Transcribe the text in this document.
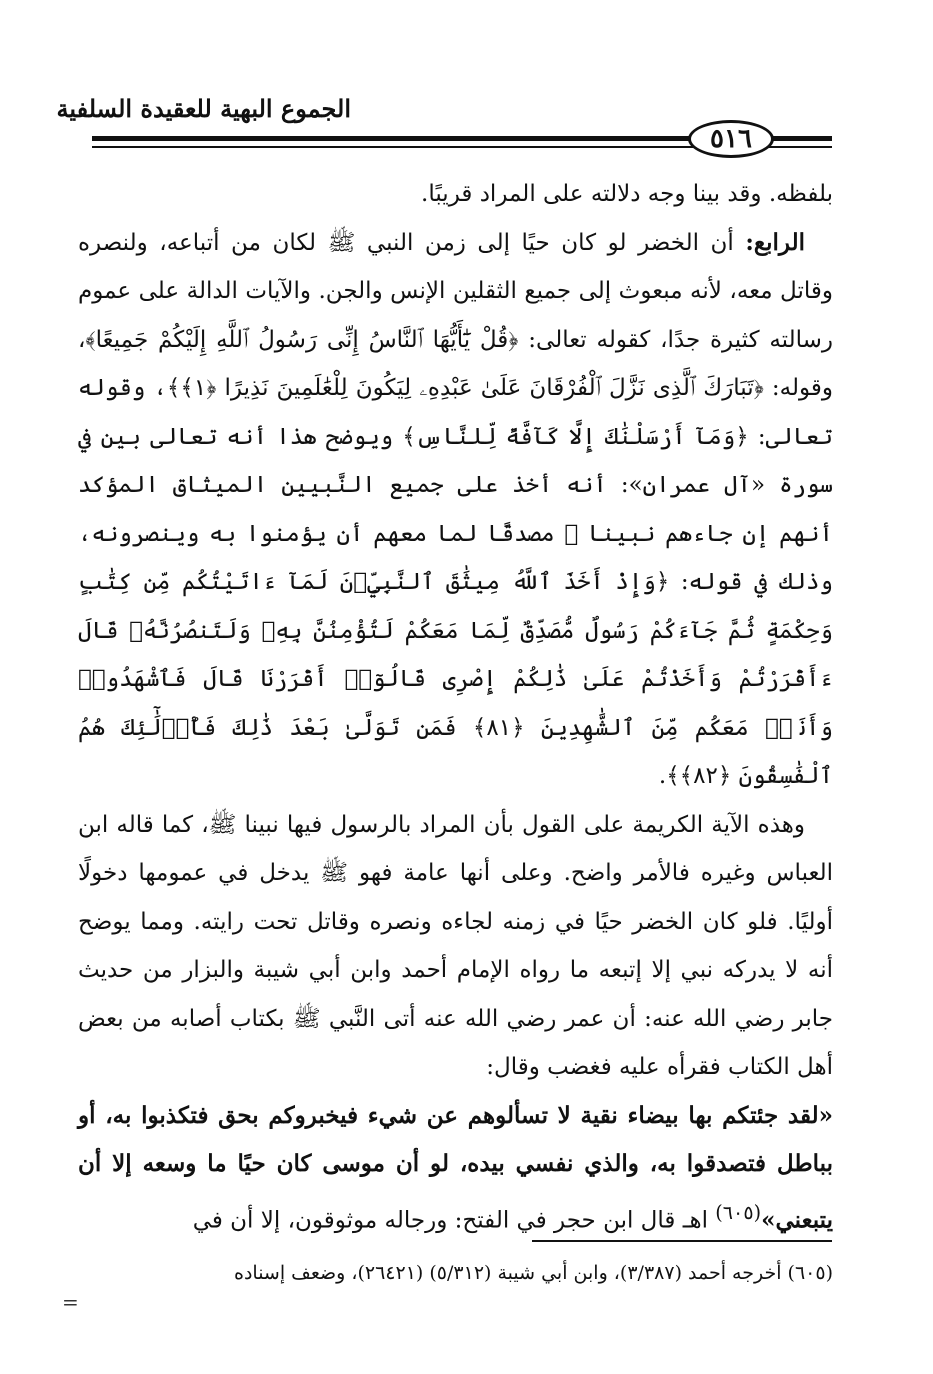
الجموع البهية للعقيدة السلفية
٥١٦

بلفظه. وقد بينا وجه دلالته على المراد قريبًا.

الرابع: أن الخضر لو كان حيًا إلى زمن النبي ﷺ لكان من أتباعه، ولنصره وقاتل معه، لأنه مبعوث إلى جميع الثقلين الإنس والجن. والآيات الدالة على عموم رسالته كثيرة جدًا، كقوله تعالى: ﴿قُلْ يَٰٓأَيُّهَا ٱلنَّاسُ إِنِّى رَسُولُ ٱللَّهِ إِلَيْكُمْ جَمِيعًا﴾، وقوله: ﴿تَبَارَكَ ٱلَّذِى نَزَّلَ ٱلْفُرْقَانَ عَلَىٰ عَبْدِهِۦ لِيَكُونَ لِلْعَٰلَمِينَ نَذِيرًا ﴿١﴾﴾، وقوله تعالى: ﴿وَمَآ أَرْسَلْنَٰكَ إِلَّا كَآفَّةً لِّلنَّاسِ﴾ ويوضح هذا أنه تعالى بين في سورة «آل عمران»: أنه أخذ على جميع النَّبيين الميثاق المؤكد أنهم إن جاءهم نبينا ﷺ مصدقًا لما معهم أن يؤمنوا به وينصرونه، وذلك في قوله: ﴿وَإِذْ أَخَذَ ٱللَّهُ مِيثَٰقَ ٱلنَّبِيِّۦنَ لَمَآ ءَاتَيْتُكُم مِّن كِتَٰبٍ وَحِكْمَةٍ ثُمَّ جَآءَكُمْ رَسُولٌ مُّصَدِّقٌ لِّمَا مَعَكُمْ لَتُؤْمِنُنَّ بِهِۦ وَلَتَنصُرُنَّهُۥ قَالَ ءَأَقْرَرْتُمْ وَأَخَذْتُمْ عَلَىٰ ذَٰلِكُمْ إِصْرِى قَالُوٓا۟ أَقْرَرْنَا قَالَ فَٱشْهَدُوا۟ وَأَنَا۠ مَعَكُم مِّنَ ٱلشَّٰهِدِينَ ﴿٨١﴾ فَمَن تَوَلَّىٰ بَعْدَ ذَٰلِكَ فَأُو۟لَٰٓئِكَ هُمُ ٱلْفَٰسِقُونَ ﴿٨٢﴾﴾.

وهذه الآية الكريمة على القول بأن المراد بالرسول فيها نبينا ﷺ، كما قاله ابن العباس وغيره فالأمر واضح. وعلى أنها عامة فهو ﷺ يدخل في عمومها دخولًا أوليًا. فلو كان الخضر حيًا في زمنه لجاءه ونصره وقاتل تحت رايته. ومما يوضح أنه لا يدركه نبي إلا إتبعه ما رواه الإمام أحمد وابن أبي شيبة والبزار من حديث جابر رضي الله عنه: أن عمر رضي الله عنه أتى النَّبي ﷺ بكتاب أصابه من بعض أهل الكتاب فقرأه عليه فغضب وقال:

«لقد جئتكم بها بيضاء نقية لا تسألوهم عن شيء فيخبروكم بحق فتكذبوا به، أو بباطل فتصدقوا به، والذي نفسي بيده، لو أن موسى كان حيًا ما وسعه إلا أن يتبعني»$^{(٦٠٥)}$ اهـ قال ابن حجر في الفتح: ورجاله موثوقون، إلا أن في

(٦٠٥) أخرجه أحمد (٣/٣٨٧)، وابن أبي شيبة (٥/٣١٢) (٢٦٤٢١)، وضعف إسناده
=
